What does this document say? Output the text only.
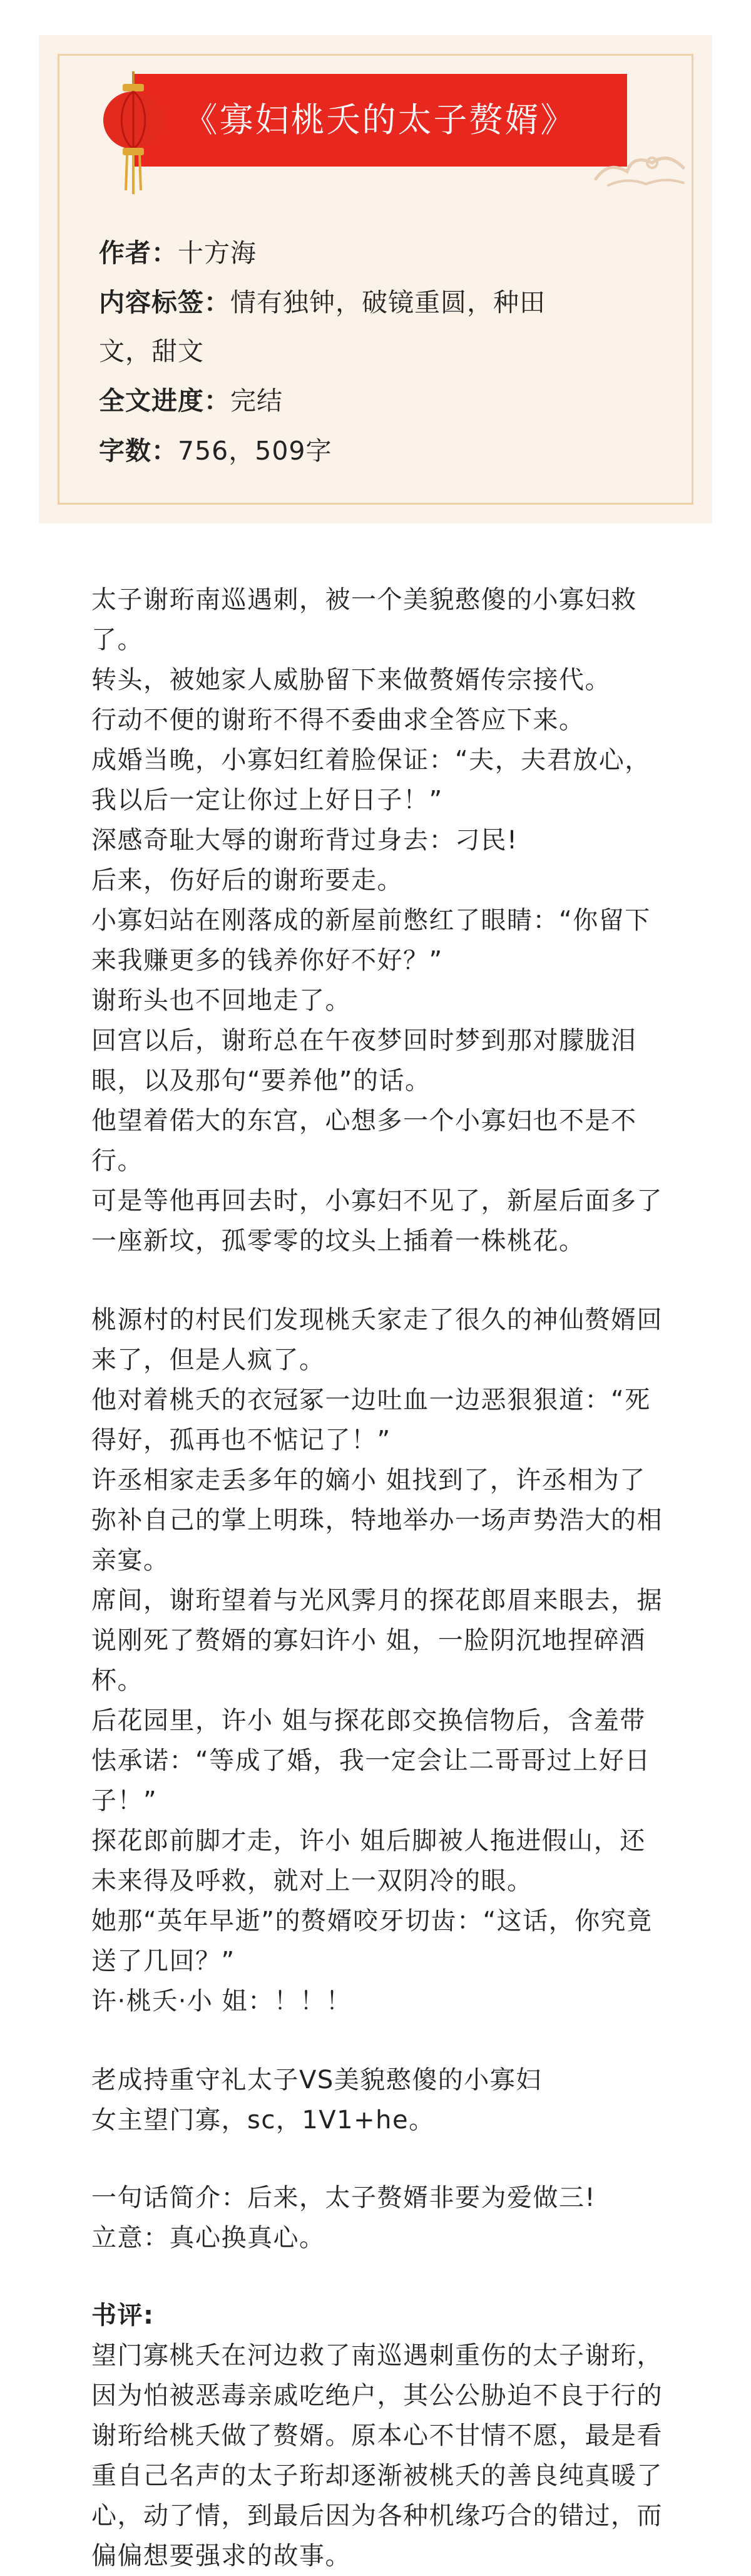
《寡妇桃夭的太子赘婿》
作者：十方海
内容标签：情有独钟，破镜重圆，种田
文，甜文
全文进度：完结
字数：756，509字

太子谢珩南巡遇刺，被一个美貌憨傻的小寡妇救了。

转头，被她家人威胁留下来做赘婿传宗接代。

行动不便的谢珩不得不委曲求全答应下来。

成婚当晚，小寡妇红着脸保证：“夫，夫君放心，我以后一定让你过上好日子！”

深感奇耻大辱的谢珩背过身去：刁民!

后来，伤好后的谢珩要走。

小寡妇站在刚落成的新屋前憋红了眼睛：“你留下来我赚更多的钱养你好不好？”

谢珩头也不回地走了。

回宫以后，谢珩总在午夜梦回时梦到那对朦胧泪眼，以及那句“要养他”的话。

他望着偌大的东宫，心想多一个小寡妇也不是不行。

可是等他再回去时，小寡妇不见了，新屋后面多了一座新坟，孤零零的坟头上插着一株桃花。

桃源村的村民们发现桃夭家走了很久的神仙赘婿回来了，但是人疯了。

他对着桃夭的衣冠冢一边吐血一边恶狠狠道：“死得好，孤再也不惦记了！”

许丞相家走丢多年的嫡小 姐找到了，许丞相为了弥补自己的掌上明珠，特地举办一场声势浩大的相亲宴。

席间，谢珩望着与光风霁月的探花郎眉来眼去，据说刚死了赘婿的寡妇许小 姐，一脸阴沉地捏碎酒杯。

后花园里，许小 姐与探花郎交换信物后，含羞带怯承诺：“等成了婚，我一定会让二哥哥过上好日子！”

探花郎前脚才走，许小 姐后脚被人拖进假山，还未来得及呼救，就对上一双阴冷的眼。

她那“英年早逝”的赘婿咬牙切齿：“这话，你究竟送了几回？”

许·桃夭·小 姐：！！！

老成持重守礼太子VS美貌憨傻的小寡妇

女主望门寡，sc，1V1+he。

一句话简介：后来，太子赘婿非要为爱做三!

立意：真心换真心。

书评:

望门寡桃夭在河边救了南巡遇刺重伤的太子谢珩，因为怕被恶毒亲戚吃绝户，其公公胁迫不良于行的谢珩给桃夭做了赘婿。原本心不甘情不愿，最是看重自己名声的太子珩却逐渐被桃夭的善良纯真暖了心，动了情，到最后因为各种机缘巧合的错过，而偏偏想要强求的故事。
